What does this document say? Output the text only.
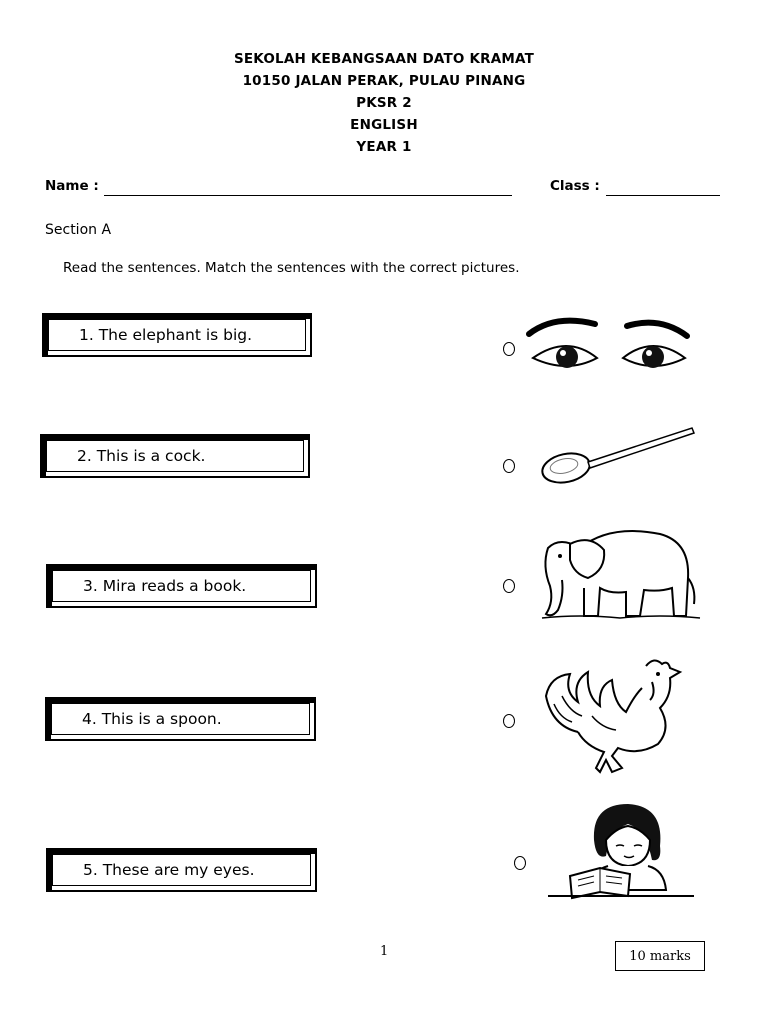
SEKOLAH KEBANGSAAN DATO KRAMAT
10150 JALAN PERAK, PULAU PINANG
PKSR 2
ENGLISH
YEAR 1
Name :	Class :
Section A
Read the sentences. Match the sentences with the correct pictures.
1. The elephant is big.
2. This is a cock.
3. Mira reads a book.
4. This is a spoon.
5. These are my eyes.
1	10 marks
